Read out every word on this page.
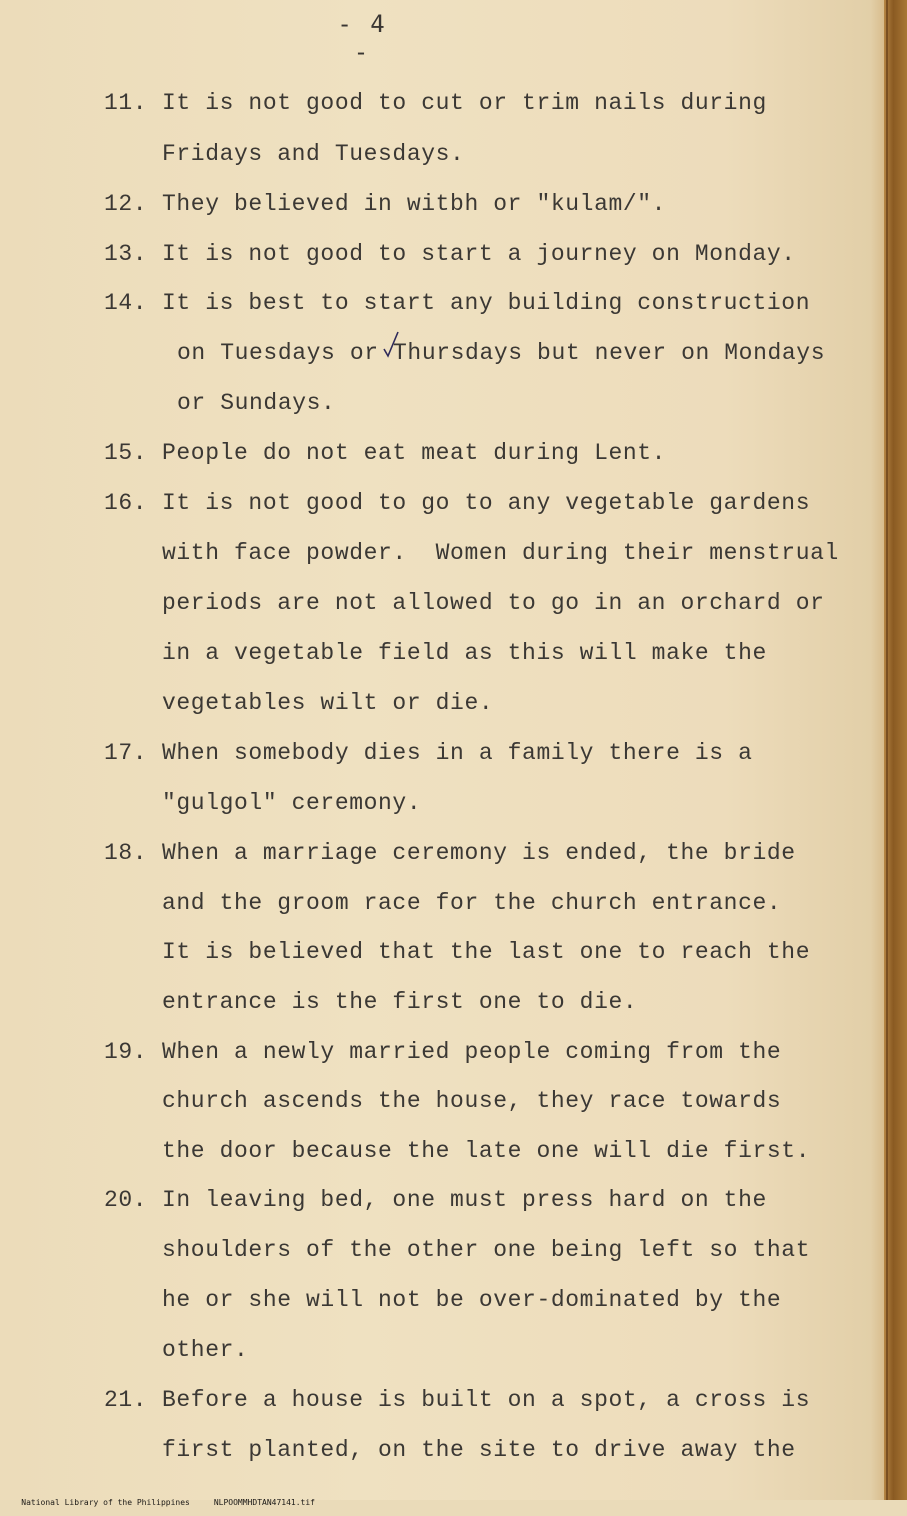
- 4 -
11. It is not good to cut or trim nails during
Fridays and Tuesdays.
12. They believed in witbh or "kulam/".
13. It is not good to start a journey on Monday.
14. It is best to start any building construction
on Tuesdays or Thursdays but never on Mondays
or Sundays.
15. People do not eat meat during Lent.
16. It is not good to go to any vegetable gardens
with face powder.  Women during their menstrual
periods are not allowed to go in an orchard or
in a vegetable field as this will make the
vegetables wilt or die.
17. When somebody dies in a family there is a
"gulgol" ceremony.
18. When a marriage ceremony is ended, the bride
and the groom race for the church entrance.
It is believed that the last one to reach the
entrance is the first one to die.
19. When a newly married people coming from the
church ascends the house, they race towards
the door because the late one will die first.
20. In leaving bed, one must press hard on the
shoulders of the other one being left so that
he or she will not be over-dominated by the
other.
21. Before a house is built on a spot, a cross is
first planted, on the site to drive away the

National Library of the Philippines	NLPOOMMHDTAN47141.tif
